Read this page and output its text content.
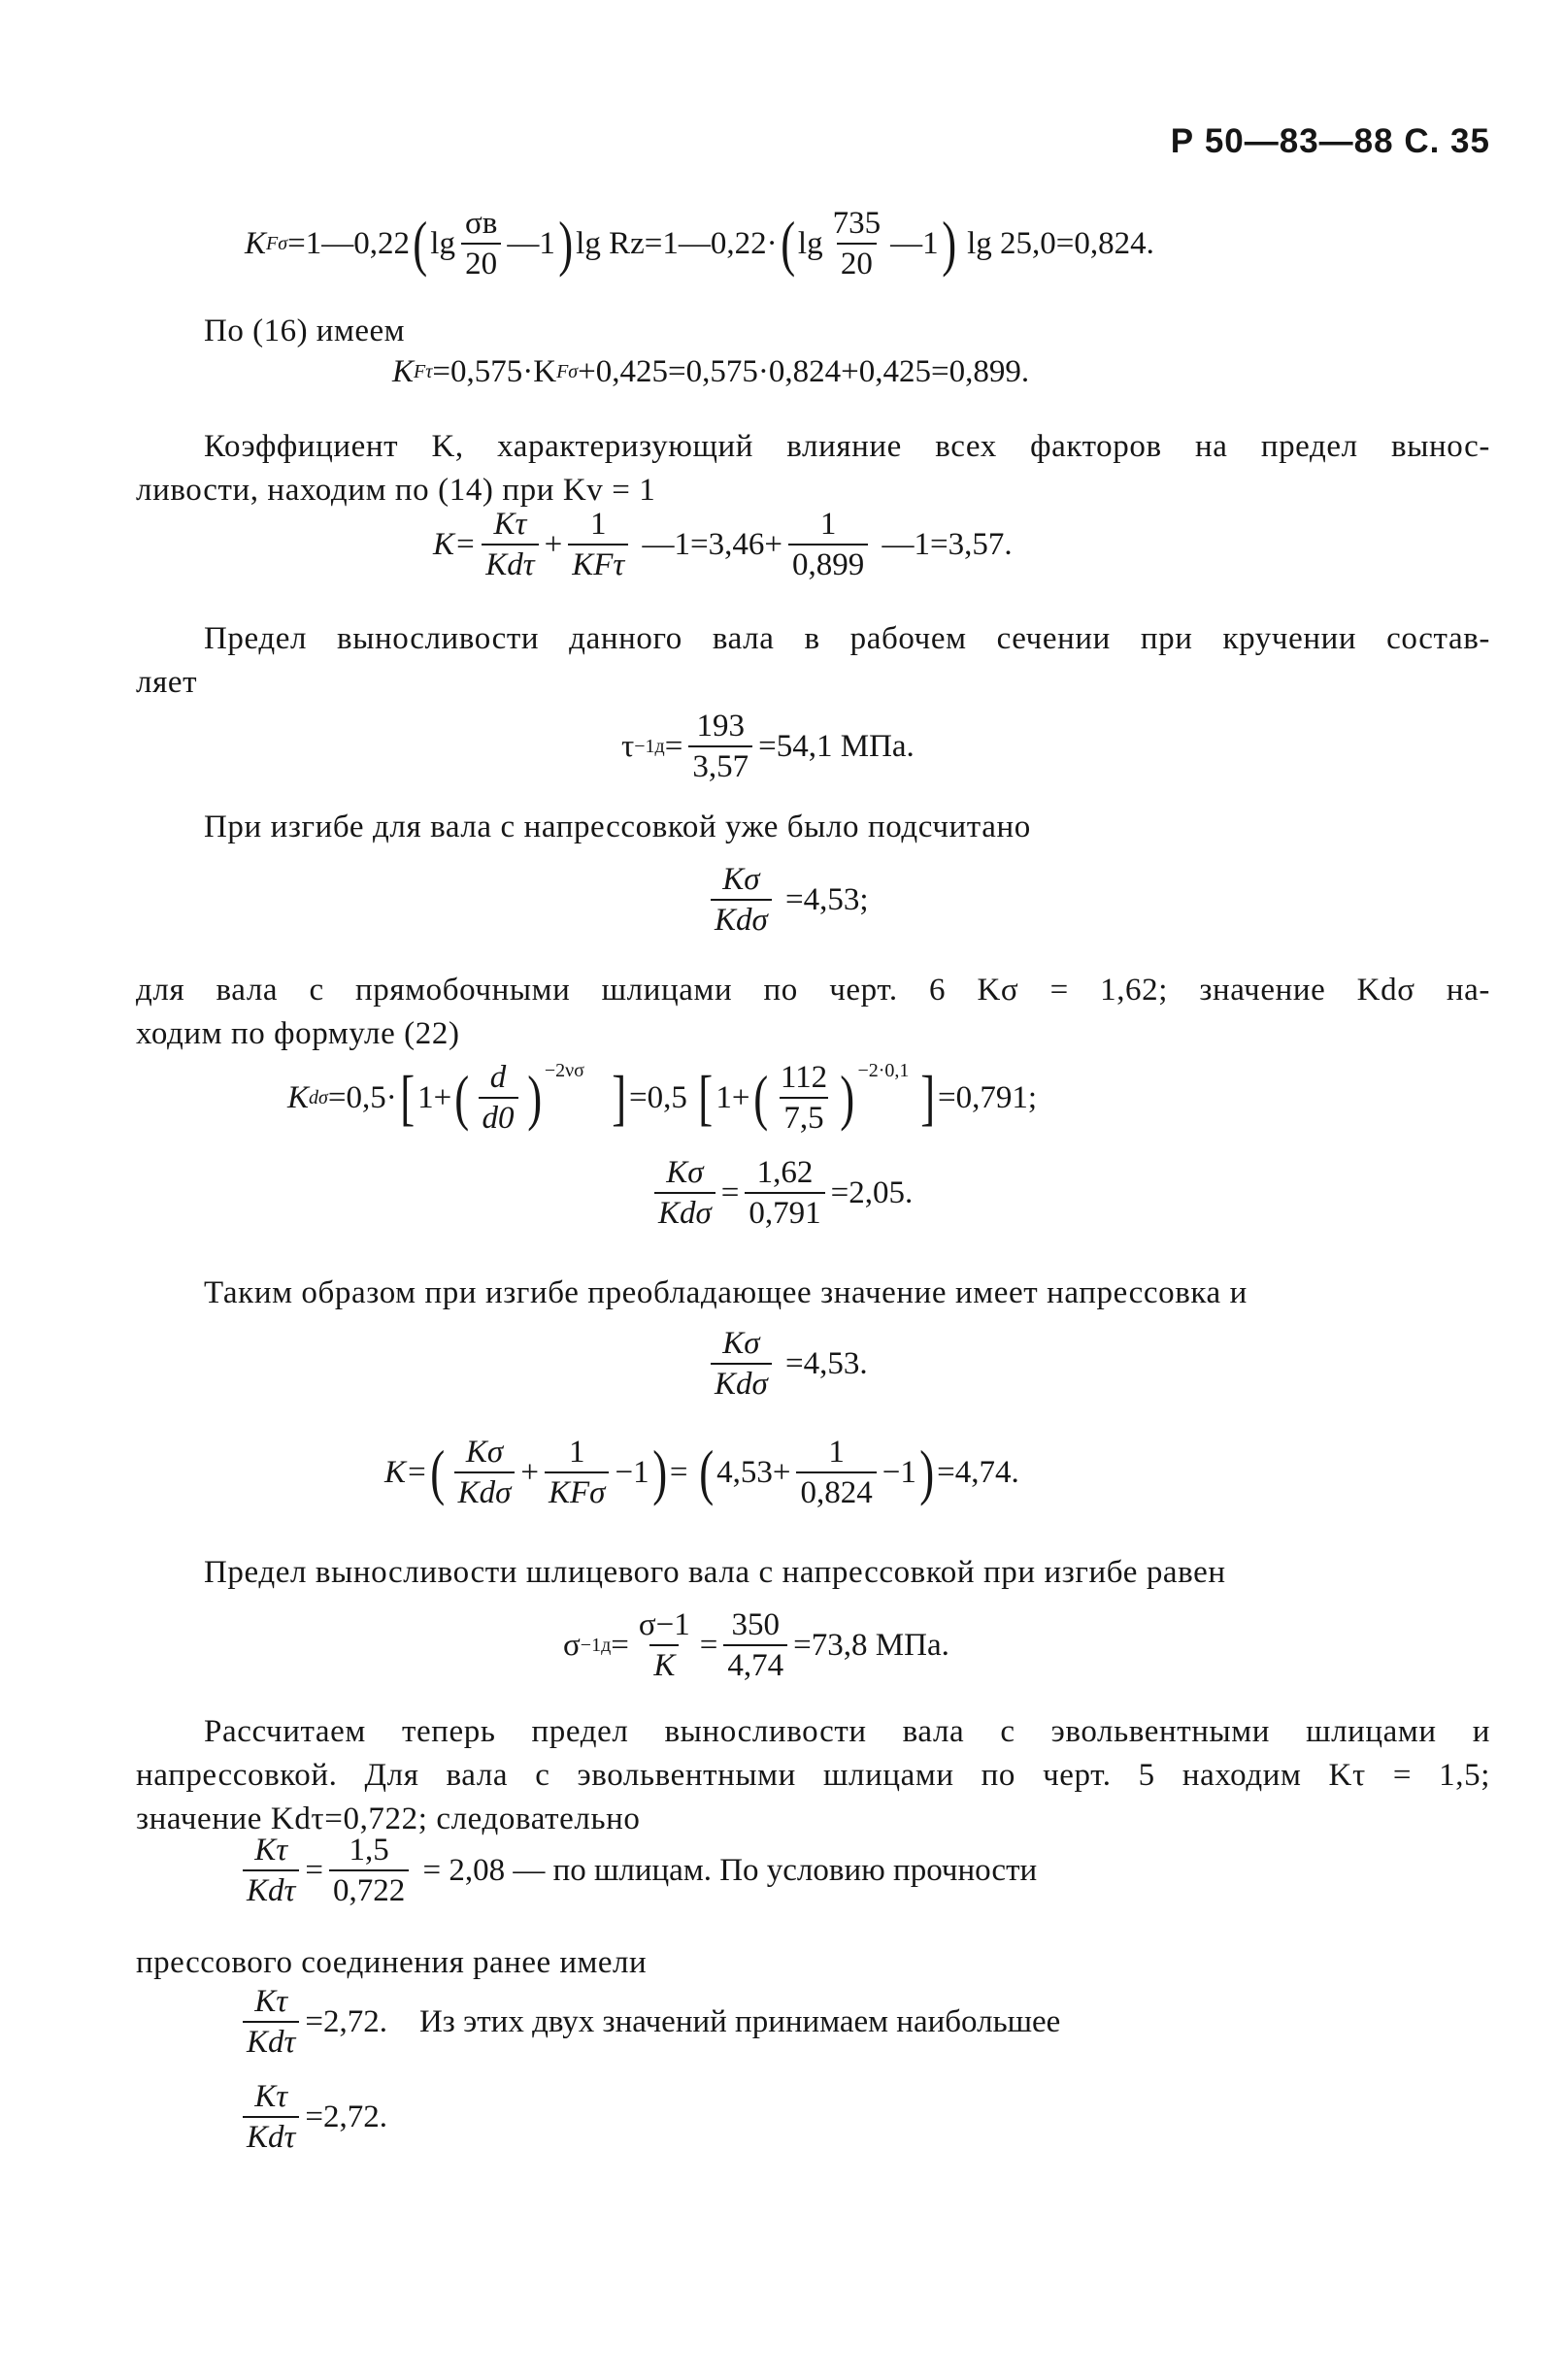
Р 50—83—88 С. 35
K Fσ =1—0,22 ( $\lg \frac{\sigma в}{20}$ —1 ) lg Rz =1—0,22· ( $\lg \frac{735}{20}$ —1 )
lg 25,0=0,824.
По (16) имеем
K Fτ =0,575·K Fσ +0,425=0,575·0,824+0,425=0,899.
Коэффициент K, характеризующий влияние всех факторов на предел вынос-
ливости, находим по (14) при Kv = 1
$K= \frac{K\tau}{\text{Kdτ}} + \frac{1}{\text{KFτ}}$
—1=3,46+ $\frac{1}{0,899}$
—1=3,57.
Предел выносливости данного вала в рабочем сечении при кручении состав-
ляет
$\tau -1д = \frac{193}{3,57} =54,1$ МПа.
При изгибе для вала с напрессовкой уже было подсчитано
$\frac{K\sigma}{\text{Kdσ}}$
=4,53;
для вала с прямобочными шлицами по черт. 6 Kσ = 1,62; значение Kdσ на-
ходим по формуле (22)
K dσ =0,5· [ 1+ ( $\frac{d}{d0} )^{-2\nu\sigma}$
] =0,5
[ 1+ ( $\frac{112}{7,5} )^{-2\cdot 0,1}$
] =0,791;
$\frac{K\sigma}{\text{Kdσ}} = \frac{1,62}{0,791} =2,05$.
Таким образом при изгибе преобладающее значение имеет напрессовка и
$\frac{K\sigma}{\text{Kdσ}}$
=4,53.
K= ( $\frac{K\sigma}{\text{Kdσ}} + \frac{1}{\text{KFσ}} -1$ ) =
( $4,53+ \frac{1}{0,824} -1$ ) =4,74.
Предел выносливости шлицевого вала с напрессовкой при изгибе равен
$\sigma -1д = \frac{\sigma-1}{K} = \frac{350}{4,74} =73,8$ МПа.
Рассчитаем теперь предел выносливости вала с эвольвентными шлицами и
напрессовкой. Для вала с эвольвентными шлицами по черт. 5 находим Kτ = 1,5;
значение Kdτ=0,722; следовательно
$\frac{K\tau}{\text{Kdτ}} = \frac{1,5}{0,722}$
= 2,08 — по шлицам. По условию прочности
прессового соединения ранее имели
$\frac{K\tau}{\text{Kdτ}} =2,72$.
Из этих двух значений принимаем наибольшее
$\frac{K\tau}{\text{Kdτ}} =2,72$.
